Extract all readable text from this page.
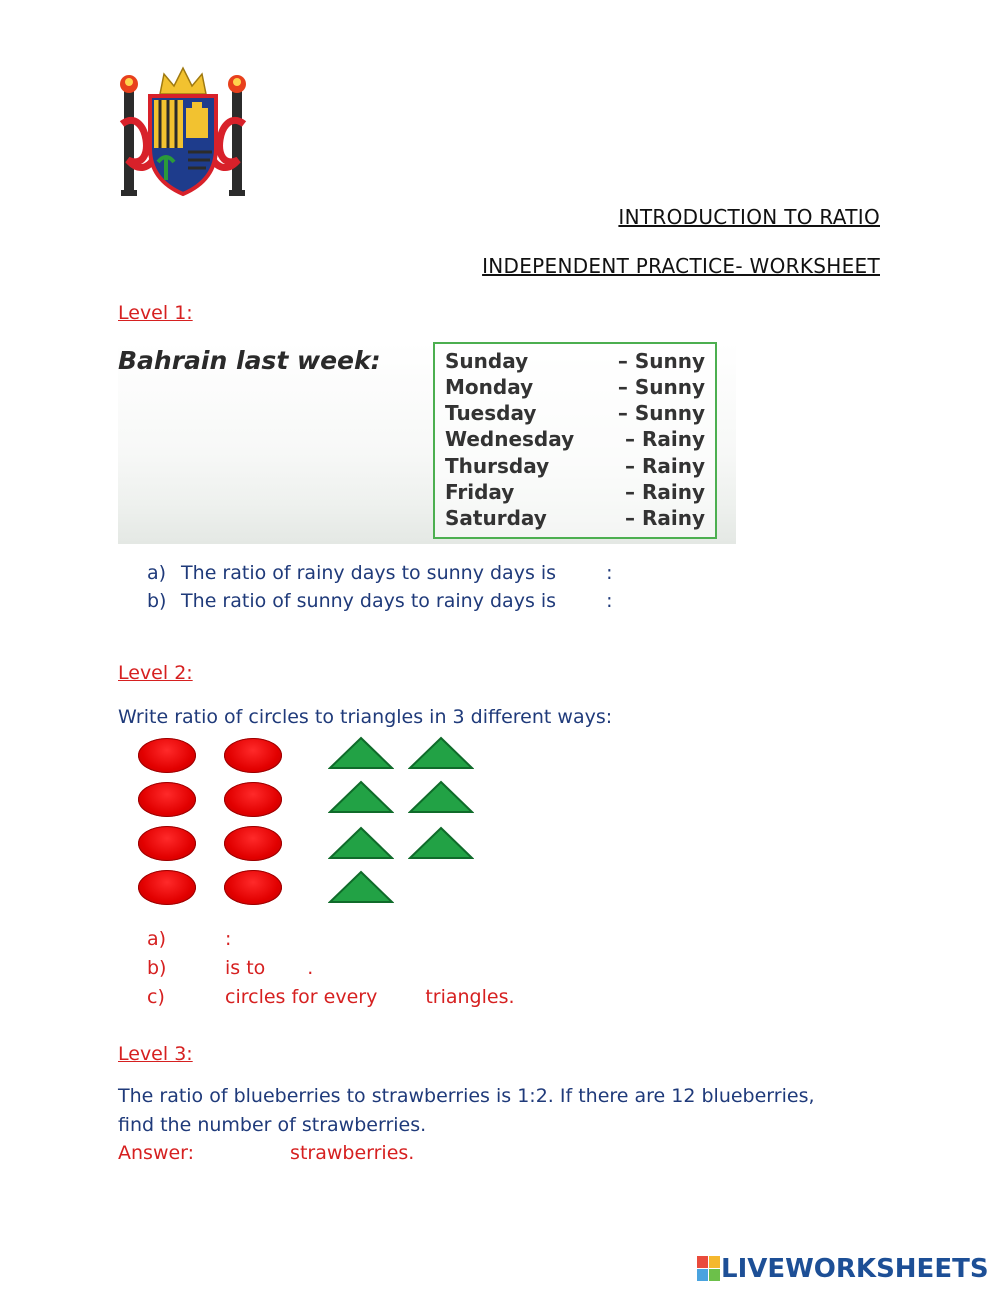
INTRODUCTION TO RATIO
INDEPENDENT PRACTICE- WORKSHEET
Level 1:
Bahrain last week:	Sunday	– Sunny
Monday	– Sunny
Tuesday	– Sunny
Wednesday	– Rainy
Thursday	– Rainy
Friday	– Rainy
Saturday	– Rainy
a) The ratio of rainy days to sunny days is	:
b) The ratio of sunny days to rainy days is	:
Level 2:
Write ratio of circles to triangles in 3 different ways:
a)	:
b)	is to .
c)	circles for every	triangles.
Level 3:
The ratio of blueberries to strawberries is 1:2. If there are 12 blueberries,
find the number of strawberries.
Answer:	strawberries.
LIVEWORKSHEETS
